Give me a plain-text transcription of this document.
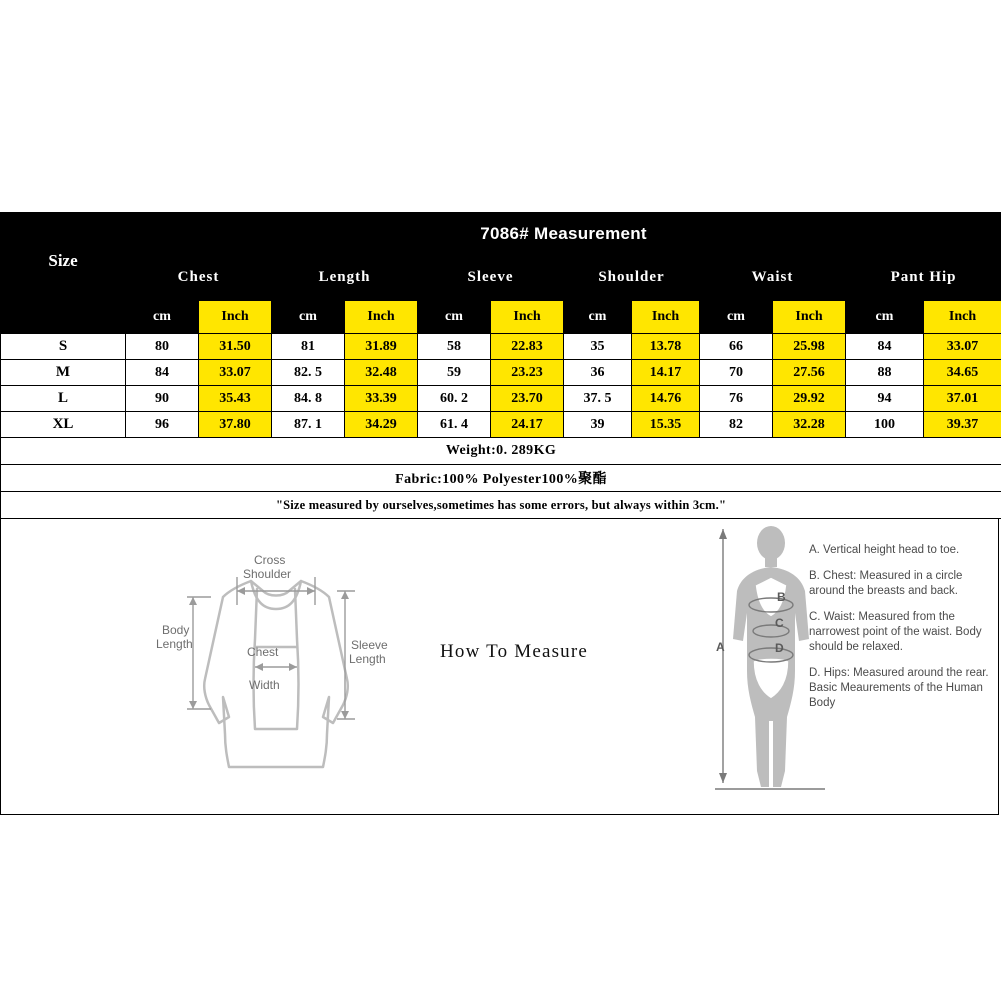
Size	7086# Measurement											
	Chest		Length		Sleeve		Shoulder		Waist		Pant Hip	
	cm	Inch	cm	Inch	cm	Inch	cm	Inch	cm	Inch	cm	Inch
S	80	31.50	81	31.89	58	22.83	35	13.78	66	25.98	84	33.07
M	84	33.07	82. 5	32.48	59	23.23	36	14.17	70	27.56	88	34.65
L	90	35.43	84. 8	33.39	60. 2	23.70	37. 5	14.76	76	29.92	94	37.01
XL	96	37.80	87. 1	34.29	61. 4	24.17	39	15.35	82	32.28	100	39.37
Weight:0. 289KG												
Fabric:100% Polyester100%聚酯												
"Size measured by ourselves,sometimes has some errors, but always within 3cm."												
How To Measure
Cross
Shoulder
Body
Length
Chest
Width
Sleeve
Length
A
B
C
D

A. Vertical height head to toe.

B. Chest: Measured in a circle around the breasts and back.

C. Waist: Measured from the narrowest point of the waist. Body should be relaxed.

D. Hips: Measured around the rear. Basic Meaurements of the Human Body
